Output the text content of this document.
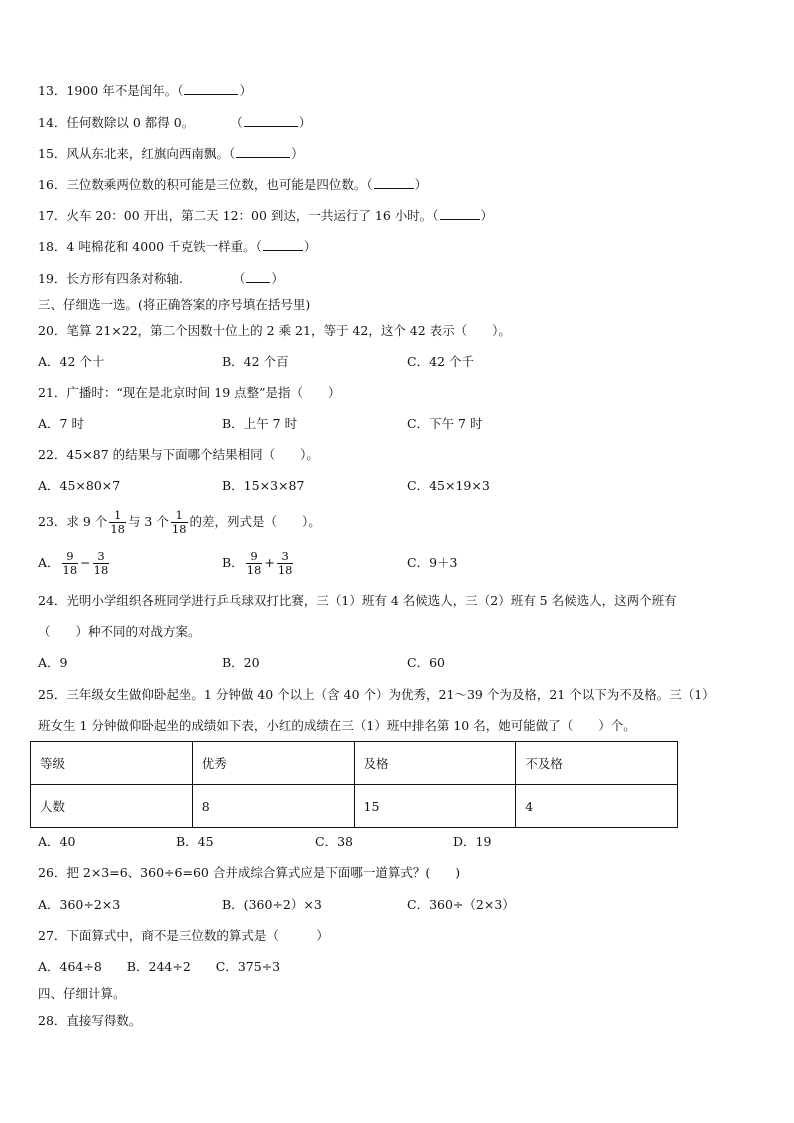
13．1900 年不是闰年。（	）
14．任何数除以 0 都得 0。	（	）
15．风从东北来，红旗向西南飘。（	）
16．三位数乘两位数的积可能是三位数，也可能是四位数。（	）
17．火车 20：00 开出，第二天 12：00 到达，一共运行了 16 小时。（	）
18．4 吨棉花和 4000 千克铁一样重。（	）
19．长方形有四条对称轴.	（ ）
三、仔细选一选。(将正确答案的序号填在括号里)
20．笔算 21×22，第二个因数十位上的 2 乘 21，等于 42，这个 42 表示（　　）。
A．42 个十	B．42 个百	C．42 个千
21．广播时：“现在是北京时间 19 点整”是指（　　）
A．7 时	B．上午 7 时	C．下午 7 时
22．45×87 的结果与下面哪个结果相同（　　）。
A．45×80×7	B．15×3×87	C．45×19×3
23．求 9 个 $\frac{1}{18}$ 与 3 个 $\frac{1}{18}$ 的差，列式是（　　）。
A． $\frac{9}{18} - \frac{3}{18}$	B． $\frac{9}{18} + \frac{3}{18}$	C．9＋3
24．光明小学组织各班同学进行乒乓球双打比赛，三（1）班有 4 名候选人，三（2）班有 5 名候选人，这两个班有
（　　）种不同的对战方案。
A．9	B．20	C．60
25．三年级女生做仰卧起坐。1 分钟做 40 个以上（含 40 个）为优秀，21～39 个为及格，21 个以下为不及格。三（1）
班女生 1 分钟做仰卧起坐的成绩如下表，小红的成绩在三（1）班中排名第 10 名，她可能做了（　　）个。
等级	优秀	及格	不及格
人数	8	15	4
A．40	B．45	C．38	D．19
26．把 2×3=6、360÷6=60 合并成综合算式应是下面哪一道算式？(　　)
A．360÷2×3	B．(360÷2）×3	C．360÷（2×3）
27．下面算式中，商不是三位数的算式是（　　　）
A．464÷8　　B．244÷2　　C．375÷3
四、仔细计算。
28．直接写得数。
